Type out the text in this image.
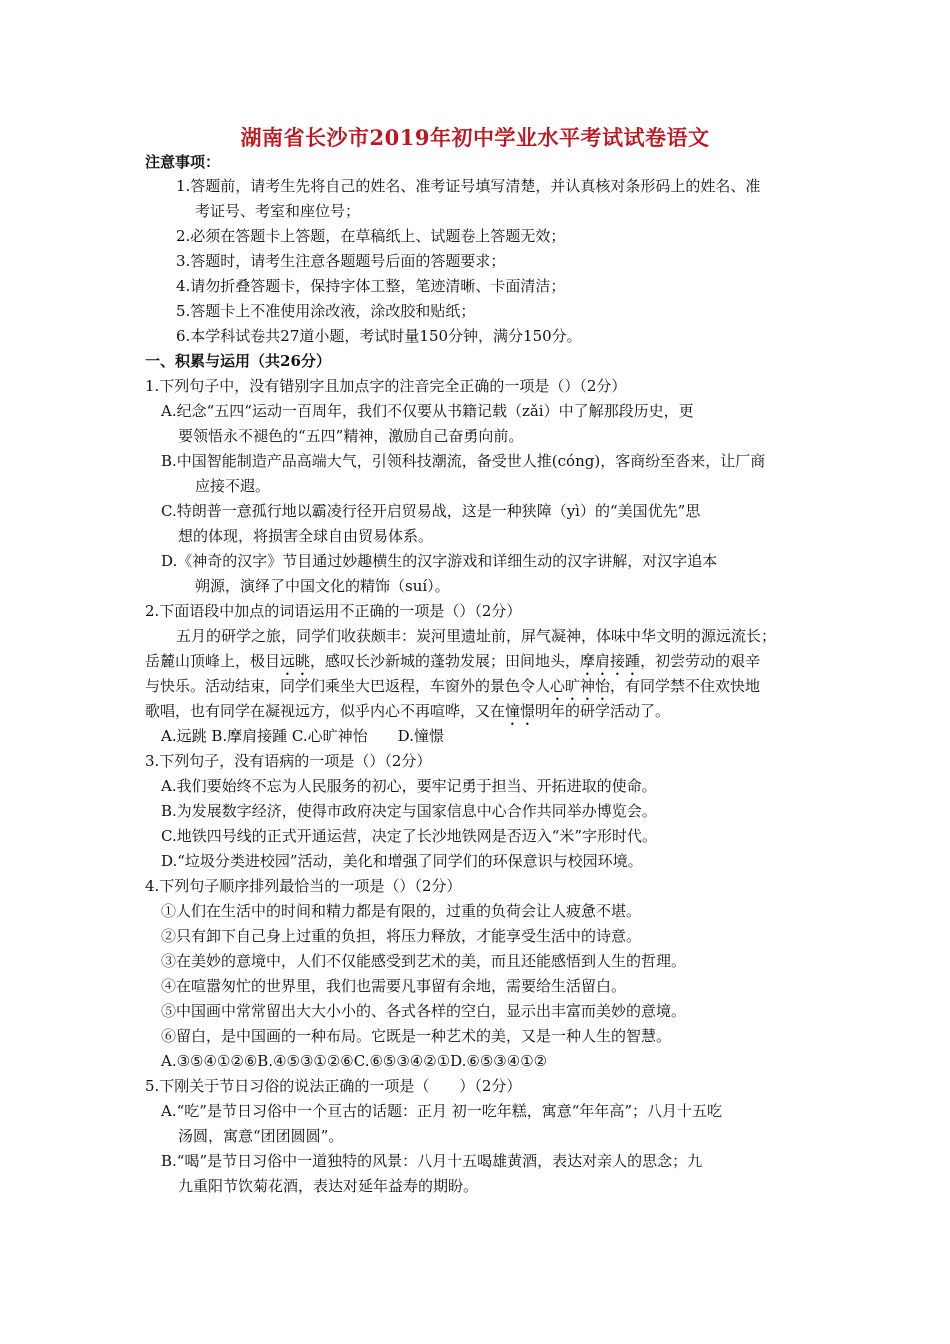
湖南省长沙市2019年初中学业水平考试试卷语文
注意事项：
1.答题前，请考生先将自己的姓名、准考证号填写清楚，并认真核对条形码上的姓名、准
考证号、考室和座位号；
2.必须在答题卡上答题，在草稿纸上、试题卷上答题无效；
3.答题时，请考生注意各题题号后面的答题要求；
4.请勿折叠答题卡，保持字体工整，笔迹清晰、卡面清洁；
5.答题卡上不准使用涂改液，涂改胶和贴纸；
6.本学科试卷共27道小题，考试时量150分钟，满分150分。
一、积累与运用（共26分）
1.下列句子中，没有错别字且加点字的注音完全正确的一项是（）（2分）
A.纪念“五四“运动一百周年，我们不仅要从书籍记载（zǎi）中了解那段历史，更
要领悟永不褪色的“五四”精神，激励自己奋勇向前。
B.中国智能制造产品高端大气，引领科技潮流，备受世人推(cóng)，客商纷至沓来，让厂商
应接不遐。
C.特朗普一意孤行地以霸凌行径开启贸易战，这是一种狭障（yì）的“美国优先”思
想的体现，将损害全球自由贸易体系。
D.《神奇的汉字》节目通过妙趣横生的汉字游戏和详细生动的汉字讲解，对汉字追本
朔源，演绎了中国文化的精饰（suí）。
2.下面语段中加点的词语运用不正确的一项是（）（2分）
五月的研学之旅，同学们收获颇丰：炭河里遗址前，屏气凝神，体味中华文明的源远流长；
岳麓山顶峰上，极目远眺，感叹长沙新城的蓬勃发展；田间地头，摩肩接踵，初尝劳动的艰辛
与快乐。活动结束，同学们乘坐大巴返程，车窗外的景色令人心旷神怡，有同学禁不住欢快地
歌唱，也有同学在凝视远方，似乎内心不再喧哗，又在憧憬明年的研学活动了。
A.远跳 B.摩肩接踵 C.心旷神怡　　D.憧憬
3.下列句子，没有语病的一项是（）（2分）
A.我们要始终不忘为人民服务的初心，要牢记勇于担当、开拓进取的使命。
B.为发展数字经济，使得市政府决定与国家信息中心合作共同举办博览会。
C.地铁四号线的正式开通运营，决定了长沙地铁网是否迈入“米”字形时代。
D.“垃圾分类进校园”活动，美化和增强了同学们的环保意识与校园环境。
4.下列句子顺序排列最恰当的一项是（）（2分）
①人们在生活中的时间和精力都是有限的，过重的负荷会让人疲惫不堪。
②只有卸下自己身上过重的负担，将压力释放，才能享受生活中的诗意。
③在美妙的意境中，人们不仅能感受到艺术的美，而且还能感悟到人生的哲理。
④在喧嚣匆忙的世界里，我们也需要凡事留有余地，需要给生活留白。
⑤中国画中常常留出大大小小的、各式各样的空白，显示出丰富而美妙的意境。
⑥留白，是中国画的一种布局。它既是一种艺术的美，又是一种人生的智慧。
A.③⑤④①②⑥B.④⑤③①②⑥C.⑥⑤③④②①D.⑥⑤③④①②
5.下刚关于节日习俗的说法正确的一项是（　　）（2分）
A.“吃”是节日习俗中一个亘古的话题：正月 初一吃年糕，寓意“年年高”；八月十五吃
汤圆，寓意“团团圆圆”。
B.“喝”是节日习俗中一道独特的风景：八月十五喝雄黄酒，表达对亲人的思念；九
九重阳节饮菊花酒，表达对延年益寿的期盼。
